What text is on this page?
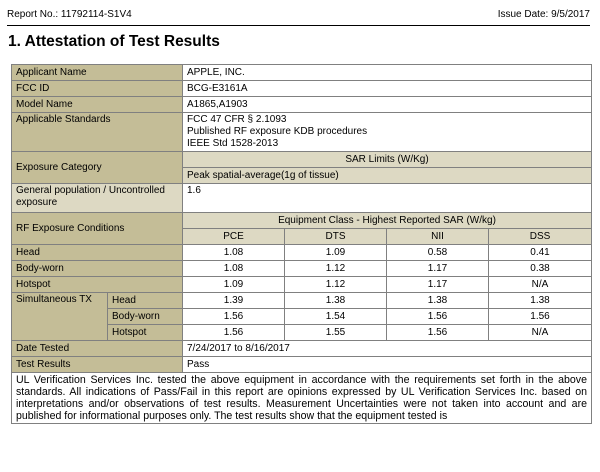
Report No.: 11792114-S1V4	Issue Date: 9/5/2017
1. Attestation of Test Results
Applicant Name		APPLE, INC.			
FCC ID		BCG-E3161A			
Model Name		A1865,A1903			
Applicable Standards		FCC 47 CFR § 2.1093
Published RF exposure KDB procedures
IEEE Std 1528-2013			

Exposure Category		SAR Limits (W/Kg)			
		Peak spatial-average(1g of tissue)			
General population / Uncontrolled exposure		1.6			
RF Exposure Conditions		Equipment Class - Highest Reported SAR (W/kg)			
		PCE	DTS	NII	DSS
Head		1.08	1.09	0.58	0.41
Body-worn		1.08	1.12	1.17	0.38
Hotspot		1.09	1.12	1.17	N/A
Simultaneous TX	Head	1.39	1.38	1.38	1.38
	Body-worn	1.56	1.54	1.56	1.56
	Hotspot	1.56	1.55	1.56	N/A
Date Tested		7/24/2017 to 8/16/2017			
Test Results		Pass			
UL Verification Services Inc. tested the above equipment in accordance with the requirements set forth in the above standards. All indications of Pass/Fail in this report are opinions expressed by UL Verification Services Inc. based on interpretations and/or observations of test results. Measurement Uncertainties were not taken into account and are published for informational purposes only. The test results show that the equipment tested is					
